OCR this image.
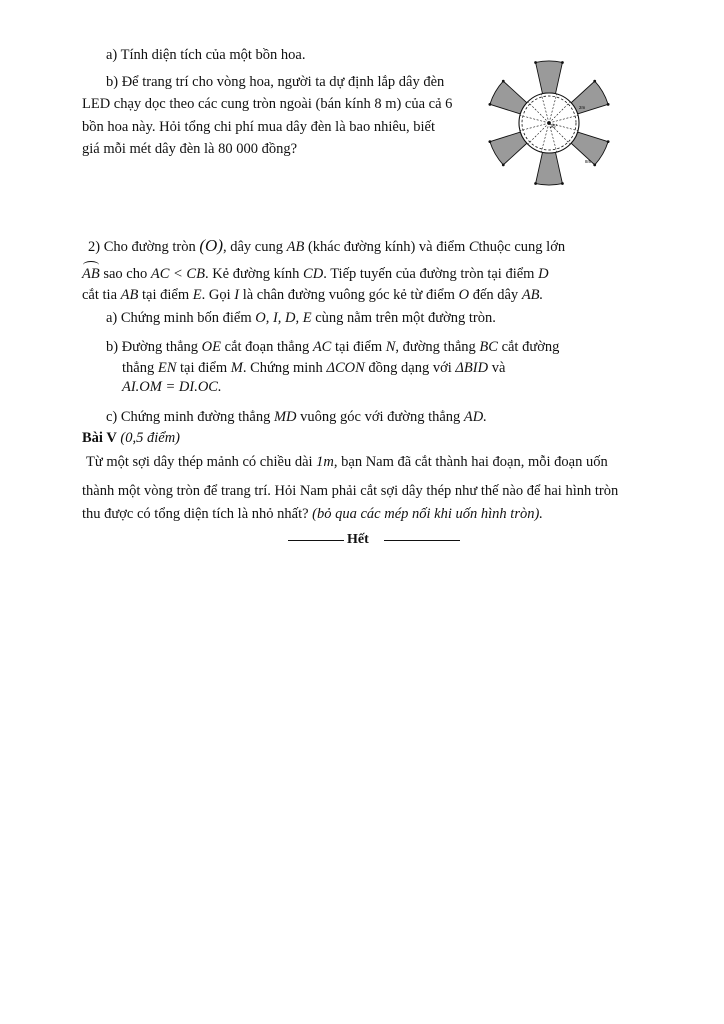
a) Tính diện tích của một bồn hoa.

b) Để trang trí cho vòng hoa, người ta dự định lắp dây đèn

LED chạy dọc theo các cung tròn ngoài (bán kính 8 m) của cả 6

bồn hoa này. Hỏi tổng chi phí mua dây đèn là bao nhiêu, biết

giá mỗi mét dây đèn là 80 000 đồng?

25°
2m
8m

2) Cho đường tròn (O), dây cung AB (khác đường kính) và điểm Cthuộc cung lớn

AB sao cho AC < CB. Kẻ đường kính CD. Tiếp tuyến của đường tròn tại điểm D

cắt tia AB tại điểm E. Gọi I là chân đường vuông góc kẻ từ điểm O đến dây AB.

a) Chứng minh bốn điểm O, I, D, E cùng nằm trên một đường tròn.

b) Đường thẳng OE cắt đoạn thẳng AC tại điểm N, đường thẳng BC cắt đường

thẳng EN tại điểm M. Chứng minh ΔCON đồng dạng với ΔBID và

AI.OM = DI.OC.

c) Chứng minh đường thẳng MD vuông góc với đường thẳng AD.

Bài V (0,5 điểm)

Từ một sợi dây thép mảnh có chiều dài 1m, bạn Nam đã cắt thành hai đoạn, mỗi đoạn uốn

thành một vòng tròn để trang trí. Hỏi Nam phải cắt sợi dây thép như thế nào để hai hình tròn

thu được có tổng diện tích là nhỏ nhất? (bỏ qua các mép nối khi uốn hình tròn).

Hết
